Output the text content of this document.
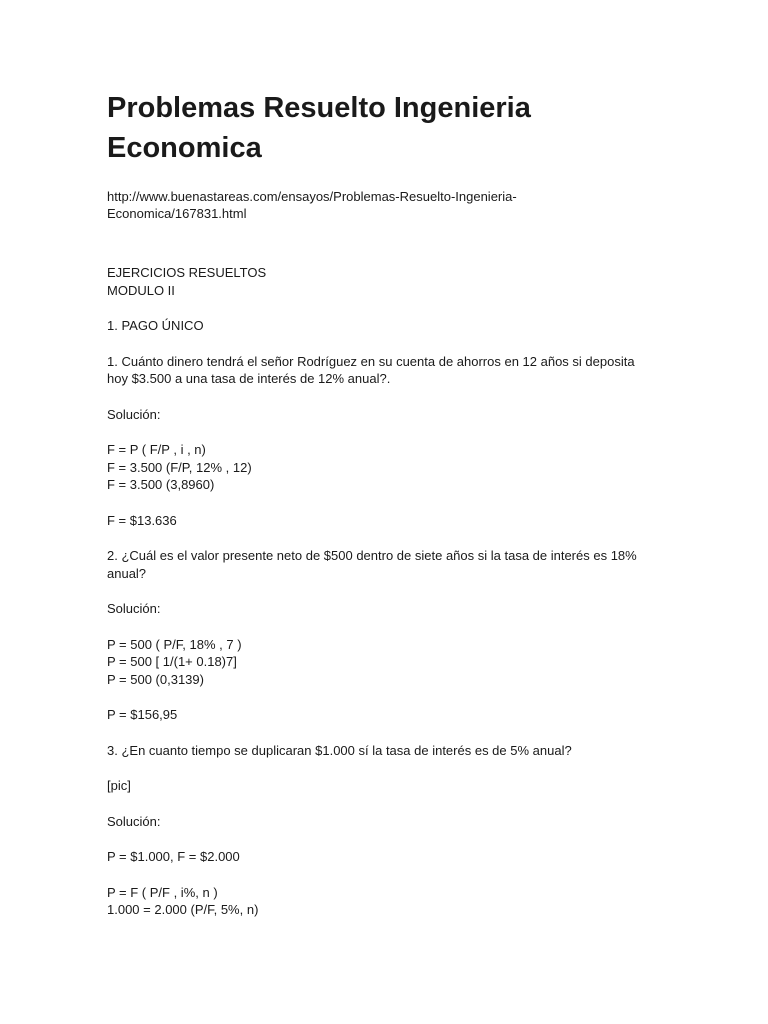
Problemas Resuelto Ingenieria
Economica
http://www.buenastareas.com/ensayos/Problemas-Resuelto-Ingenieria-
Economica/167831.html
EJERCICIOS RESUELTOS
MODULO II
1. PAGO ÚNICO
1. Cuánto dinero tendrá el señor Rodríguez en su cuenta de ahorros en 12 años si deposita
hoy $3.500 a una tasa de interés de 12% anual?.
Solución:
F = P ( F/P , i , n)
F = 3.500 (F/P, 12% , 12)
F = 3.500 (3,8960)
F = $13.636
2. ¿Cuál es el valor presente neto de $500 dentro de siete años si la tasa de interés es 18%
anual?
Solución:
P = 500 ( P/F, 18% , 7 )
P = 500 [ 1/(1+ 0.18)7]
P = 500 (0,3139)
P = $156,95
3. ¿En cuanto tiempo se duplicaran $1.000 sí la tasa de interés es de 5% anual?
[pic]
Solución:
P = $1.000, F = $2.000
P = F ( P/F , i%, n )
1.000 = 2.000 (P/F, 5%, n)
